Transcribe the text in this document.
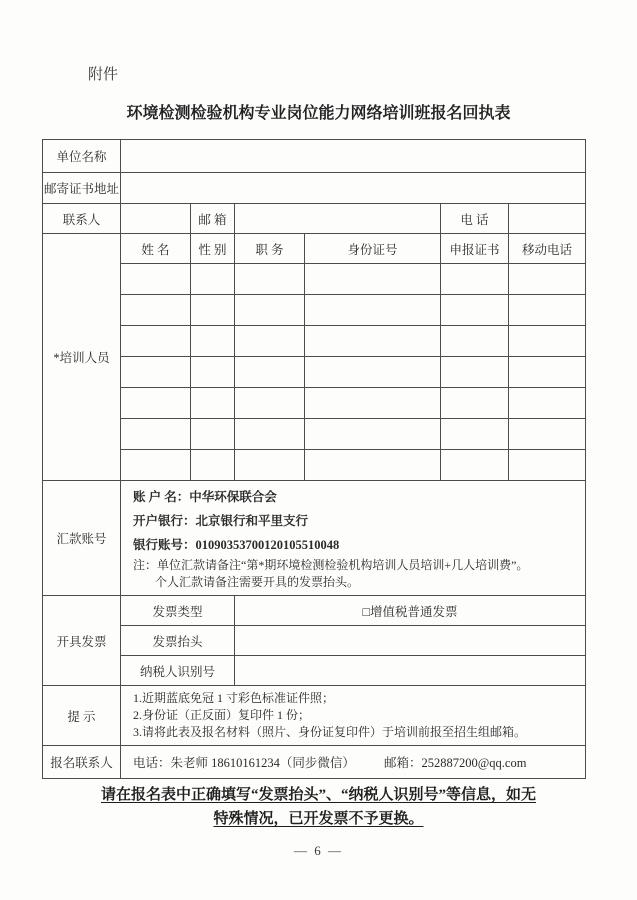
附件
环境检测检验机构专业岗位能力网络培训班报名回执表
单位名称						
邮寄证书地址						
联系人		邮 箱			电 话	
*培训人员	姓 名	性 别	职 务	身份证号	申报证书	移动电话

汇款账号	账 户 名：中华环保联合会
开户银行：北京银行和平里支行
银行账号：01090353700120105510048
注：单位汇款请备注“第*期环境检测检验机构培训人员培训+几人培训费”。
个人汇款请备注需要开具的发票抬头。					

开具发票	发票类型		□增值税普通发票			
	发票抬头					
	纳税人识别号					
提 示	1.近期蓝底免冠 1 寸彩色标准证件照；
2.身份证（正反面）复印件 1 份；
3.请将此表及报名材料（照片、身份证复印件）于培训前报至招生组邮箱。					

报名联系人	电话：朱老师 18610161234（同步微信） 邮箱：252887200@qq.com					
请在报名表中正确填写“发票抬头”、“纳税人识别号”等信息，如无
特殊情况，已开发票不予更换。
— 6 —
